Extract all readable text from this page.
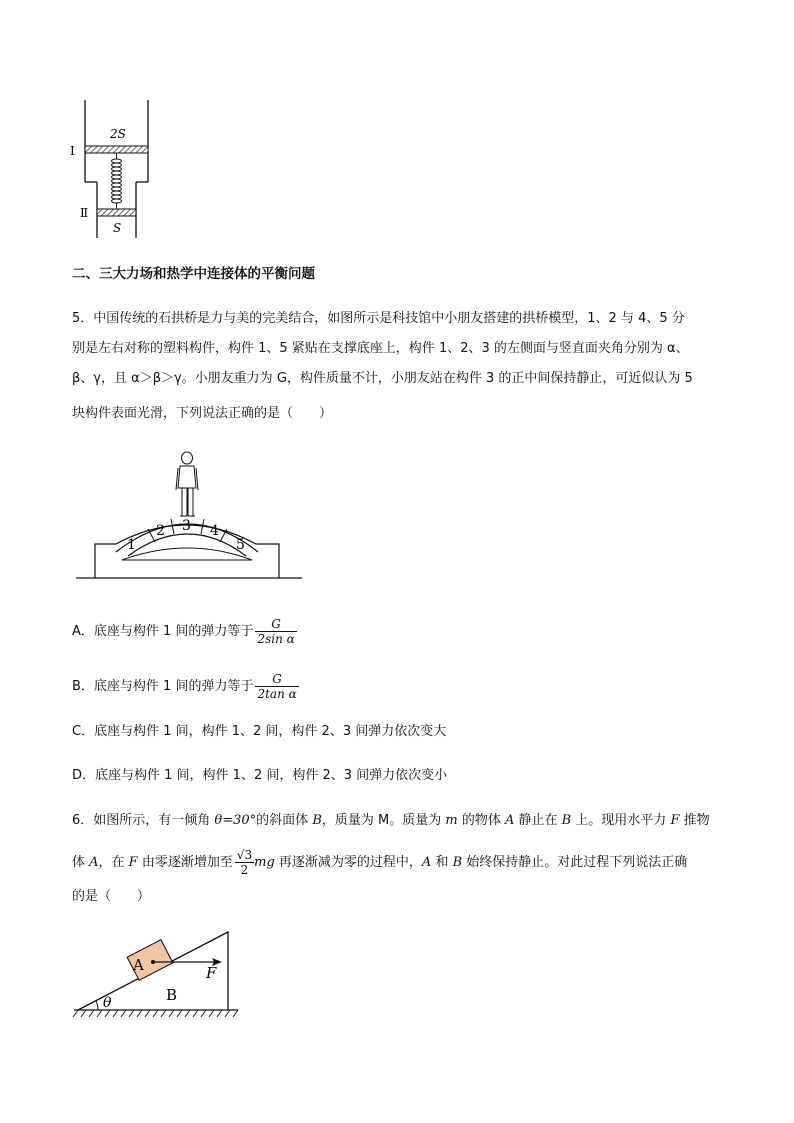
2S
S
Ⅰ
Ⅱ
二、三大力场和热学中连接体的平衡问题
5．中国传统的石拱桥是力与美的完美结合，如图所示是科技馆中小朋友搭建的拱桥模型，1、2 与 4、5 分
别是左右对称的塑料构件，构件 1、5 紧贴在支撑底座上，构件 1、2、3 的左侧面与竖直面夹角分别为 α、
β、γ，且 α＞β＞γ。小朋友重力为 G，构件质量不计，小朋友站在构件 3 的正中间保持静止，可近似认为 5
块构件表面光滑，下列说法正确的是（　　）
1
2 3 4
5
A．底座与构件 1 间的弹力等于 $\frac{G}{\text{2sin α}}$
B．底座与构件 1 间的弹力等于 $\frac{G}{\text{2tan α}}$
C．底座与构件 1 间，构件 1、2 间，构件 2、3 间弹力依次变大
D．底座与构件 1 间，构件 1、2 间，构件 2、3 间弹力依次变小
6．如图所示，有一倾角 θ=30°的斜面体 B，质量为 M。质量为 m 的物体 A 静止在 B 上。现用水平力 F 推物
体 A，在 F 由零逐渐增加至 $\frac{√3}{2}$ mg 再逐渐减为零的过程中，A 和 B 始终保持静止。对此过程下列说法正确
的是（　　）
θ
A	F
B
